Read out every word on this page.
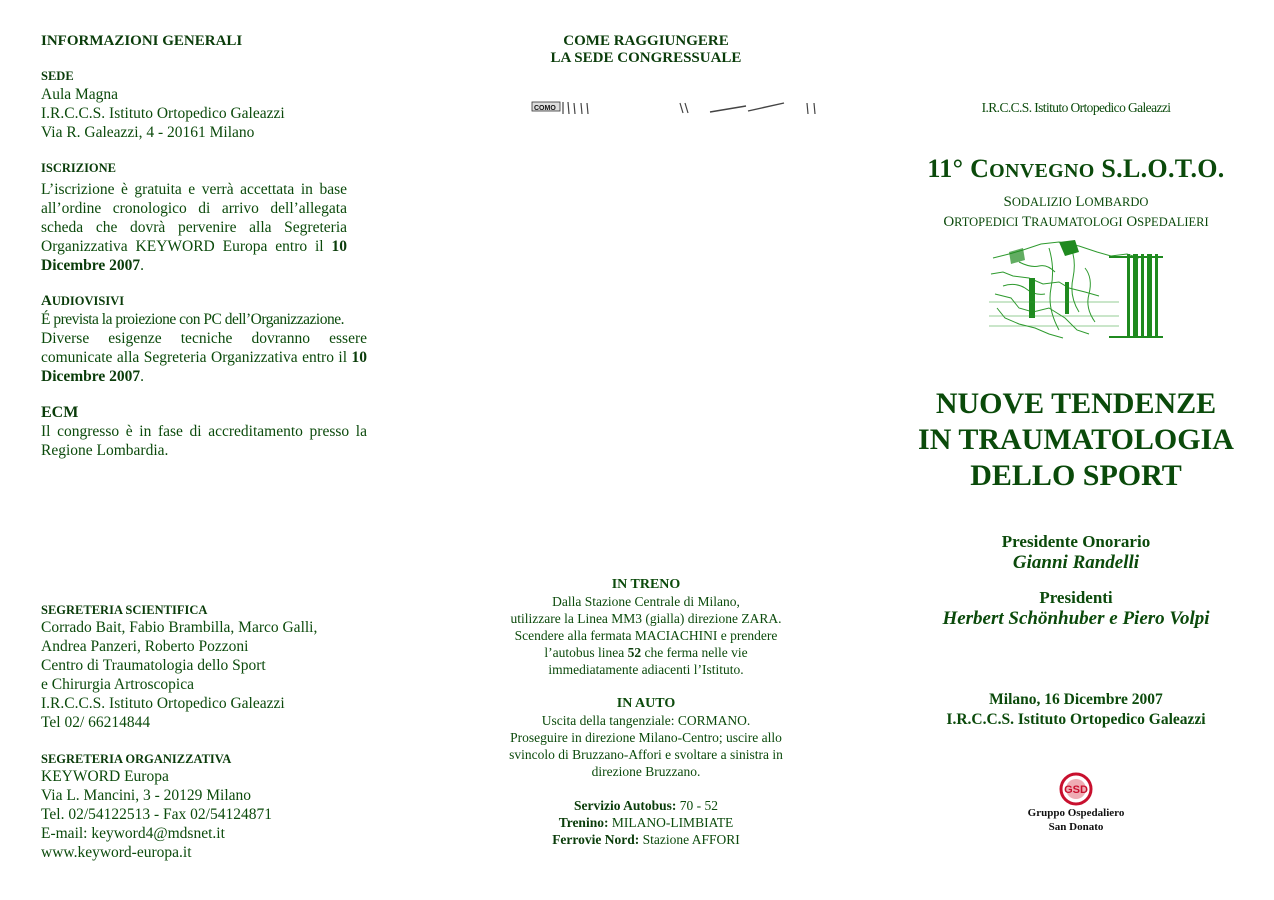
INFORMAZIONI GENERALI
SEDE
Aula Magna
I.R.C.C.S. Istituto Ortopedico Galeazzi
Via R. Galeazzi, 4 - 20161 Milano
ISCRIZIONE
L’iscrizione è gratuita e verrà accettata in base all’ordine cronologico di arrivo dell’allegata scheda che dovrà pervenire alla Segreteria Organizzativa KEYWORD Europa entro il 10 Dicembre 2007.
AUDIOVISIVI
É prevista la proiezione con PC dell’Organizzazione.
Diverse esigenze tecniche dovranno essere comunicate alla Segreteria Organizzativa entro il 10 Dicembre 2007.
ECM
Il congresso è in fase di accreditamento presso la Regione Lombardia.
SEGRETERIA SCIENTIFICA
Corrado Bait, Fabio Brambilla, Marco Galli,
Andrea Panzeri, Roberto Pozzoni
Centro di Traumatologia dello Sport
e Chirurgia Artroscopica
I.R.C.C.S. Istituto Ortopedico Galeazzi
Tel 02/ 66214844
SEGRETERIA ORGANIZZATIVA
KEYWORD Europa
Via L. Mancini, 3 - 20129 Milano
Tel. 02/54122513 - Fax 02/54124871
E-mail: keyword4@mdsnet.it
www.keyword-europa.it
COME RAGGIUNGERE
LA SEDE CONGRESSUALE
COMO
IN TRENO
Dalla Stazione Centrale di Milano,
utilizzare la Linea MM3 (gialla) direzione ZARA.
Scendere alla fermata MACIACHINI e prendere
l’autobus linea 52 che ferma nelle vie
immediatamente adiacenti l’Istituto.
IN AUTO
Uscita della tangenziale: CORMANO.
Proseguire in direzione Milano-Centro; uscire allo
svincolo di Bruzzano-Affori e svoltare a sinistra in
direzione Bruzzano.
Servizio Autobus: 70 - 52
Trenino: MILANO-LIMBIATE
Ferrovie Nord: Stazione AFFORI
I.R.C.C.S. Istituto Ortopedico Galeazzi
11° CONVEGNO S.L.O.T.O.
SODALIZIO LOMBARDO
ORTOPEDICI TRAUMATOLOGI OSPEDALIERI
NUOVE TENDENZE
IN TRAUMATOLOGIA
DELLO SPORT
Presidente Onorario
Gianni Randelli
Presidenti
Herbert Schönhuber e Piero Volpi
Milano, 16 Dicembre 2007
I.R.C.C.S. Istituto Ortopedico Galeazzi
GSD
Gruppo Ospedaliero
San Donato
